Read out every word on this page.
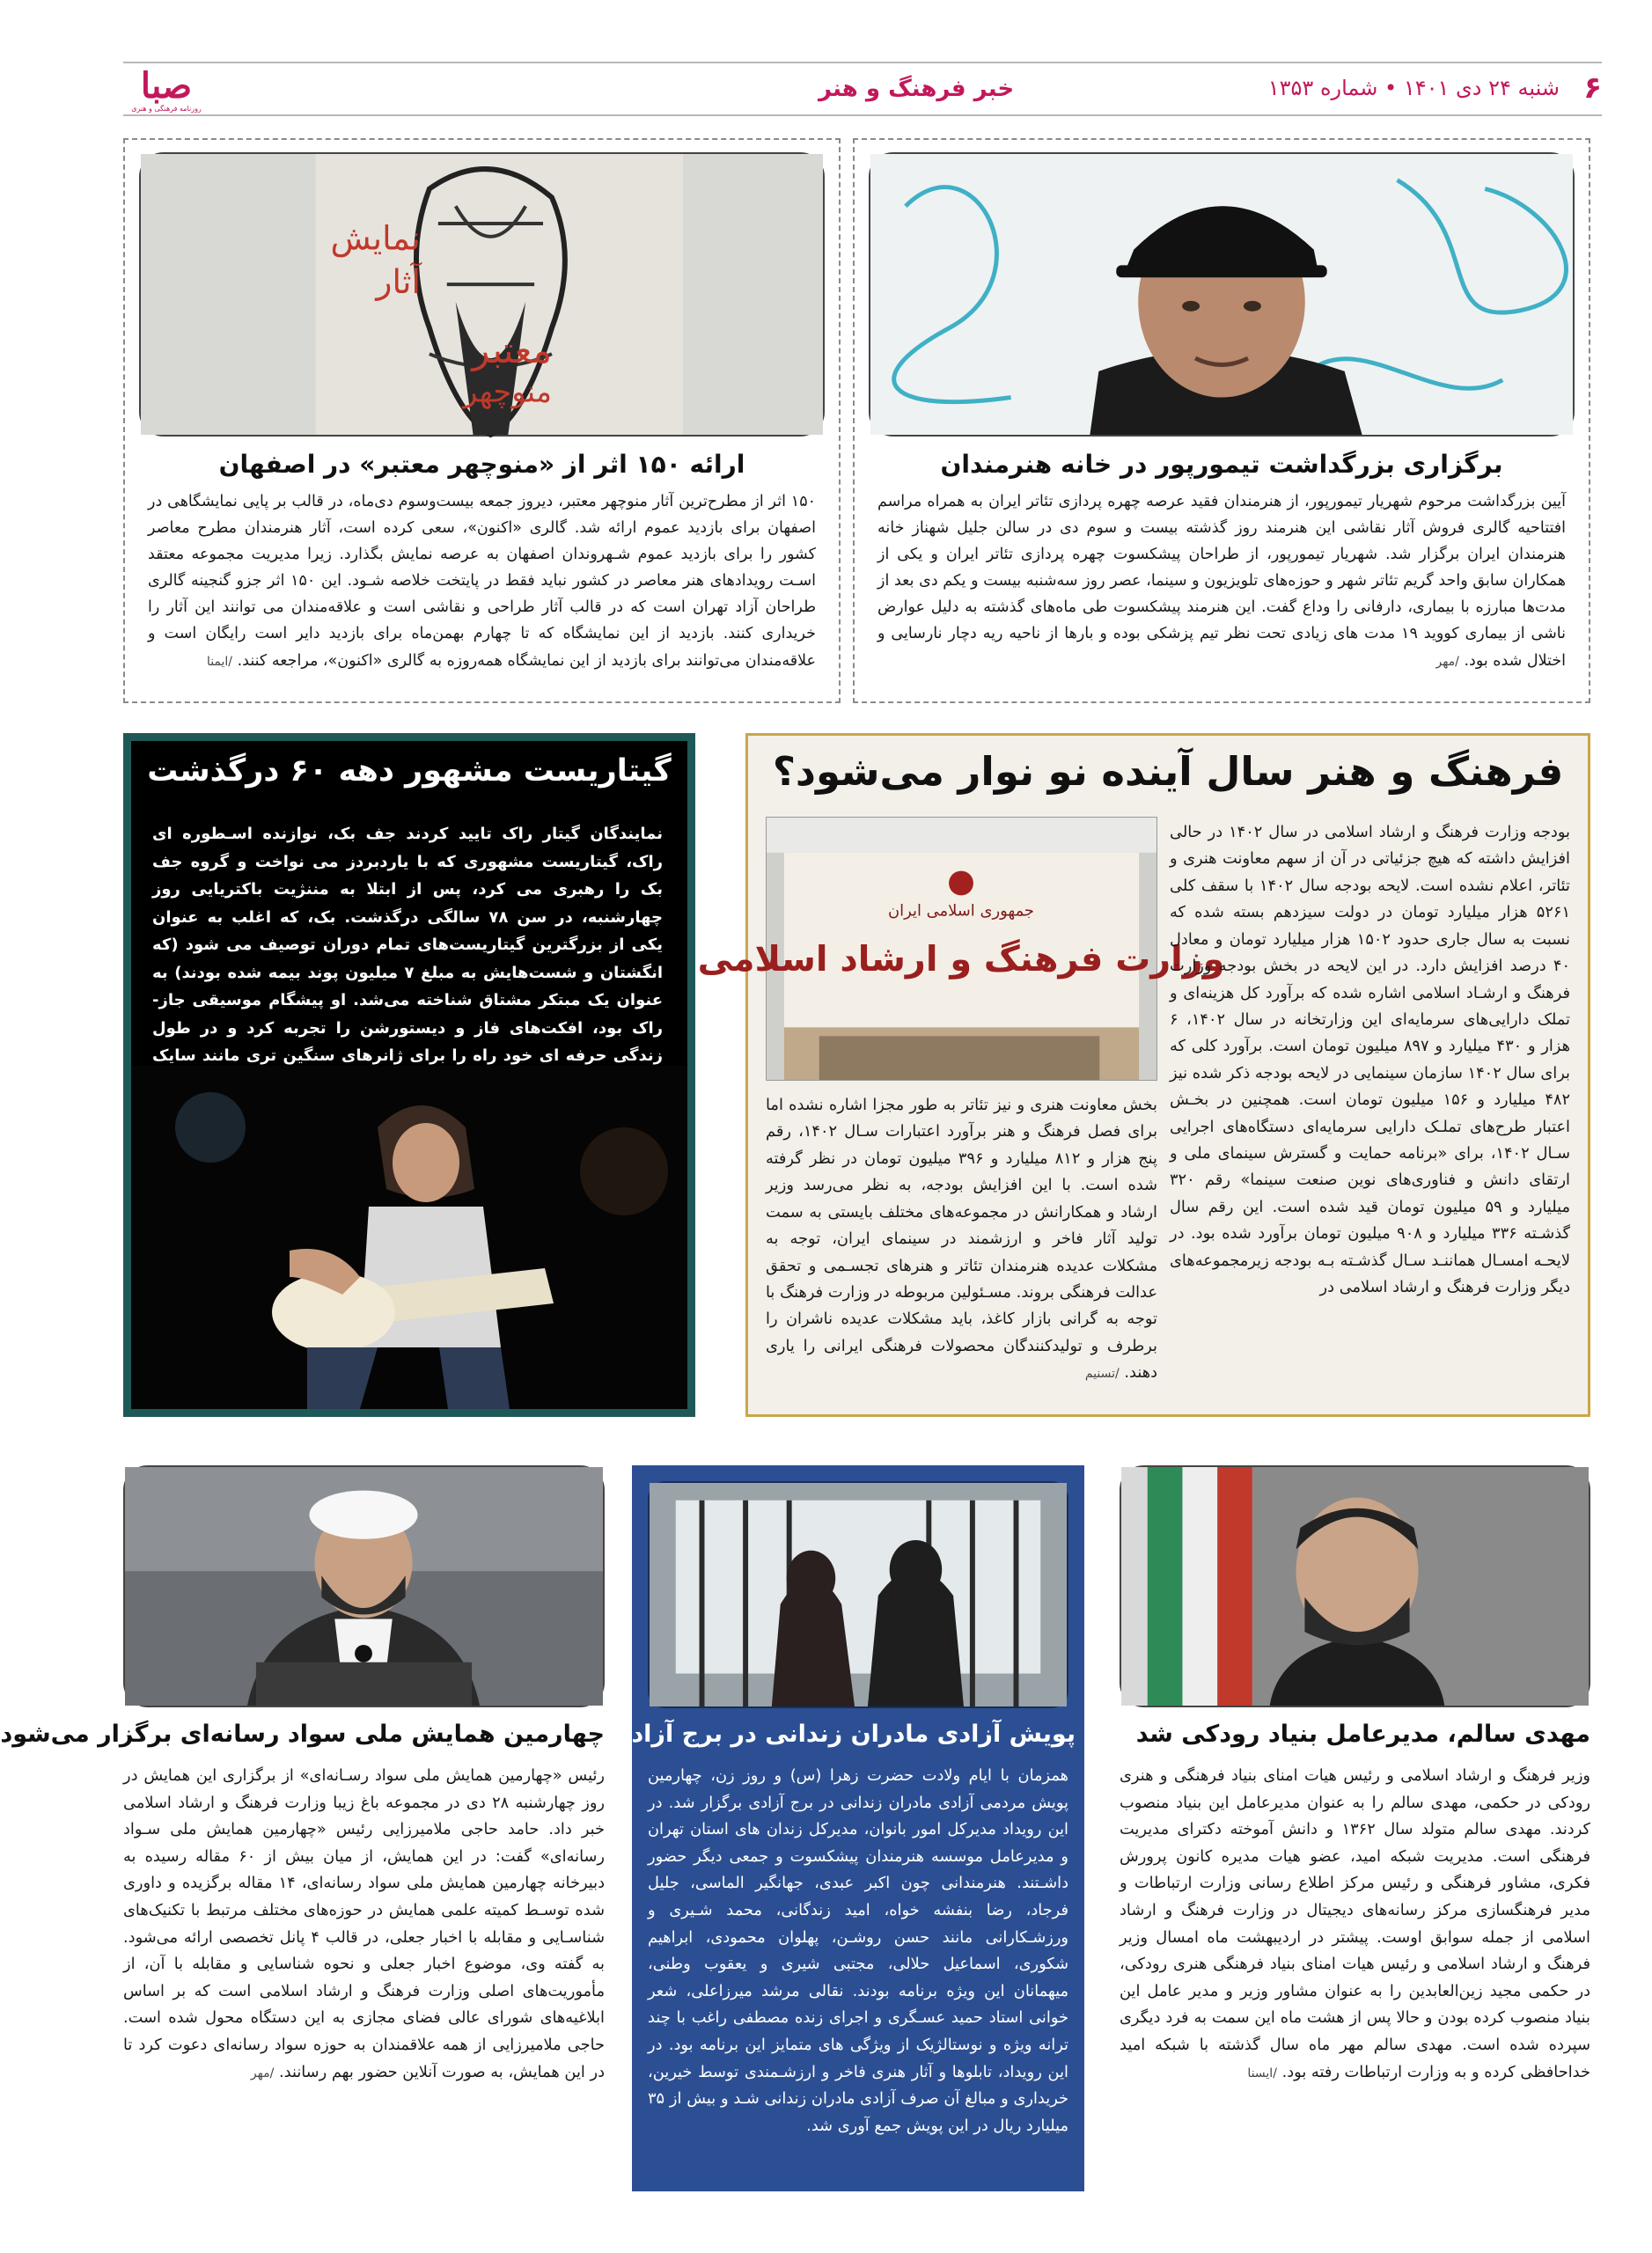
۶
شنبه ۲۴ دی ۱۴۰۱ • شماره ۱۳۵۳
خبر فرهنگ و هنر
صبا
روزنامه فرهنگی و هنری
برگزاری بزرگداشت تیمورپور در خانه هنرمندان
آیین بزرگداشت مرحوم شهریار تیمورپور، از هنرمندان فقید عرصه چهره پردازی تئاتر ایران به همراه مراسم افتتاحیه گالری فروش آثار نقاشی این هنرمند روز گذشته بیست و سوم دی در سالن جلیل شهناز خانه هنرمندان ایران برگزار شد. شهریار تیمورپور، از طراحان پیشکسوت چهره پردازی تئاتر ایران و یکی از همکاران سابق واحد گریم تئاتر شهر و حوزه‌های تلویزیون و سینما، عصر روز سه‌شنبه بیست و یکم دی بعد از مدت‌ها مبارزه با بیماری، دارفانی را وداع گفت. این هنرمند پیشکسوت طی ماه‌های گذشته به دلیل عوارض ناشی از بیماری کووید ۱۹ مدت های زیادی تحت نظر تیم پزشکی بوده و بارها از ناحیه ریه دچار نارسایی و اختلال شده بود. /مهر
نمایش
آثار
معتبر
منوچهر
ارائه ۱۵۰ اثر از «منوچهر معتبر» در اصفهان
۱۵۰ اثر از مطرح‌ترین آثار منوچهر معتبر، دیروز جمعه بیست‌وسوم دی‌ماه، در قالب بر پایی نمایشگاهی در اصفهان برای بازدید عموم ارائه شد. گالری «اکنون»، سعی کرده است، آثار هنرمندان مطرح معاصر کشور را برای بازدید عموم شـهروندان اصفهان به عرصه نمایش بگذارد. زیرا مدیریت مجموعه معتقد اسـت رویدادهای هنر معاصر در کشور نباید فقط در پایتخت خلاصه شـود. این ۱۵۰ اثر جزو گنجینه گالری طراحان آزاد تهران است که در قالب آثار طراحی و نقاشی است و علاقه‌مندان می توانند این آثار را خریداری کنند. بازدید از این نمایشگاه که تا چهارم بهمن‌ماه برای بازدید دایر است رایگان است و علاقه‌مندان می‌توانند برای بازدید از این نمایشگاه همه‌روزه به گالری «اکنون»، مراجعه کنند. /ایمنا
گیتاریست مشهور دهه ۶۰ درگذشت
نمایندگان گیتار راک تایید کردند جف بک، نوازنده اسـطوره ای راک، گیتاریست مشهوری که با یاردبردز می نواخت و گروه جف بک را رهبری می کرد، پس از ابتلا به مننژیت باکتریایی روز چهارشنبه، در سن ۷۸ سالگی درگذشت. بک، که اغلب به عنوان یکی از بزرگترین گیتاریست‌های تمام دوران توصیف می شود (که انگشتان و شست‌هایش به مبلغ ۷ میلیون پوند بیمه شده بودند) به عنوان یک مبتکر مشتاق شناخته می‌شد. او پیشگام موسیقی جاز-راک بود، افکت‌های فاز و دیستورشن را تجربه کرد و در طول زندگی حرفه ای خود راه را برای ژانرهای سنگین تری مانند سایک
فرهنگ و هنر سال آینده نو نوار می‌شود؟
جمهوری اسلامی ایران
وزارت فرهنگ و ارشاد اسلامی
بودجه وزارت فرهنگ و ارشاد اسلامی در سال ۱۴۰۲ در حالی افزایش داشته که هیچ جزئیاتی در آن از سهم معاونت هنری و تئاتر، اعلام نشده است. لایحه بودجه سال ۱۴۰۲ با سقف کلی ۵۲۶۱ هزار میلیارد تومان در دولت سیزدهم بسته شده که نسبت به سال جاری حدود ۱۵۰۲ هزار میلیارد تومان و معادل ۴۰ درصد افزایش دارد. در این لایحه در بخش بودجه وزارت فرهنگ و ارشـاد اسلامی اشاره شده که برآورد کل هزینه‌ای و تملک دارایی‌های سرمایه‌ای این وزارتخانه در سال ۱۴۰۲، ۶ هزار و ۴۳۰ میلیارد و ۸۹۷ میلیون تومان است. برآورد کلی که برای سال ۱۴۰۲ سازمان سینمایی در لایحه بودجه ذکر شده نیز ۴۸۲ میلیارد و ۱۵۶ میلیون تومان است. همچنین در بخـش اعتبار طرح‌های تملـک دارایی سرمایه‌ای دستگاه‌های اجرایی سـال ۱۴۰۲، برای «برنامه حمایت و گسترش سینمای ملی و ارتقای دانش و فناوری‌های نوین صنعت سینما» رقم ۳۲۰ میلیارد و ۵۹ میلیون تومان قید شده است. این رقم سال گذشـته ۳۳۶ میلیارد و ۹۰۸ میلیون تومان برآورد شده بود. در لایحـه امسـال هماننـد سـال گذشـته بـه بودجه زیرمجموعه‌های دیگر وزارت فرهنگ و ارشاد اسلامی در
بخش معاونت هنری و نیز تئاتر به طور مجزا اشاره نشده اما برای فصل فرهنگ و هنر برآورد اعتبارات سـال ۱۴۰۲، رقم پنج هزار و ۸۱۲ میلیارد و ۳۹۶ میلیون تومان در نظر گرفته شده است. با این افزایش بودجه، به نظر می‌رسد وزیر ارشاد و همکارانش در مجموعه‌های مختلف بایستی به سمت تولید آثار فاخر و ارزشمند در سینمای ایران، توجه به مشکلات عدیده هنرمندان تئاتر و هنرهای تجسـمی و تحقق عدالت فرهنگی بروند. مسـئولین مربوطه در وزارت فرهنگ با توجه به گرانی بازار کاغذ، باید مشکلات عدیده ناشران را برطرف و تولیدکنندگان محصولات فرهنگی ایرانی را یاری دهند. /تسنیم
مهدی سالم، مدیرعامل بنیاد رودکی شد
وزیر فرهنگ و ارشاد اسلامی و رئیس هیات امنای بنیاد فرهنگی و هنری رودکی در حکمی، مهدی سالم را به عنوان مدیرعامل این بنیاد منصوب کردند. مهدی سالم متولد سال ۱۳۶۲ و دانش آموخته دکترای مدیریت فرهنگی است. مدیریت شبکه امید، عضو هیات مدیره کانون پرورش فکری، مشاور فرهنگی و رئیس مرکز اطلاع رسانی وزارت ارتباطات و مدیر فرهنگسازی مرکز رسانه‌های دیجیتال در وزارت فرهنگ و ارشاد اسلامی از جمله سوابق اوست. پیشتر در اردیبهشت ماه امسال وزیر فرهنگ و ارشاد اسلامی و رئیس هیات امنای بنیاد فرهنگی هنری رودکی، در حکمی مجید زین‌العابدین را به عنوان مشاور وزیر و مدیر عامل این بنیاد منصوب کرده بودن و حالا پس از هشت ماه این سمت به فرد دیگری سپرده شده است. مهدی سالم مهر ماه سال گذشته با شبکه امید خداحافظی کرده و به وزارت ارتباطات رفته بود. /ایسنا
پویش آزادی مادران زندانی در برج آزادی
همزمان با ایام ولادت حضرت زهرا (س) و روز زن، چهارمین پویش مردمی آزادی مادران زندانی در برج آزادی برگزار شد. در این رویداد مدیرکل امور بانوان، مدیرکل زندان های استان تهران و مدیرعامل موسسه هنرمندان پیشکسوت و جمعی دیگر حضور داشـتند. هنرمندانی چون اکبر عبدی، جهانگیر الماسی، جلیل فرجاد، رضا بنفشه خواه، امید زندگانی، محمد شـیری و ورزشـکارانی مانند حسن روشـن، پهلوان محمودی، ابراهیم شکوری، اسماعیل حلالی، مجتبی شیری و یعقوب وطنی، میهمانان این ویژه برنامه بودند. نقالی مرشد میرزاعلی، شعر خوانی استاد حمید عسـگری و اجرای زنده مصطفی راغب با چند ترانه ویژه و نوستالژیک از ویژگی های متمایز این برنامه بود. در این رویداد، تابلوها و آثار هنری فاخر و ارزشـمندی توسط خیرین، خریداری و مبالغ آن صرف آزادی مادران زندانی شـد و بیش از ۳۵ میلیارد ریال در این پویش جمع آوری شد.
چهارمین همایش ملی سواد رسانه‌ای برگزار می‌شود
رئیس «چهارمین همایش ملی سواد رسـانه‌ای» از برگزاری این همایش در روز چهارشنبه ۲۸ دی در مجموعه باغ زیبا وزارت فرهنگ و ارشاد اسلامی خبر داد. حامد حاجی ملامیرزایی رئیس «چهارمین همایش ملی سـواد رسانه‌ای» گفت: در این همایش، از میان بیش از ۶۰ مقاله رسیده به دبیرخانه چهارمین همایش ملی سواد رسانه‌ای، ۱۴ مقاله برگزیده و داوری شده توسـط کمیته علمی همایش در حوزه‌های مختلف مرتبط با تکنیک‌های شناسـایی و مقابله با اخبار جعلی، در قالب ۴ پانل تخصصی ارائه می‌شود. به گفته وی، موضوع اخبار جعلی و نحوه شناسایی و مقابله با آن، از مأموریت‌های اصلی وزارت فرهنگ و ارشاد اسلامی است که بر اساس ابلاغیه‌های شورای عالی فضای مجازی به این دستگاه محول شده است. حاجی ملامیرزایی از همه علاقمندان به حوزه سواد رسانه‌ای دعوت کرد تا در این همایش، به صورت آنلاین حضور بهم رسانند. /مهر
